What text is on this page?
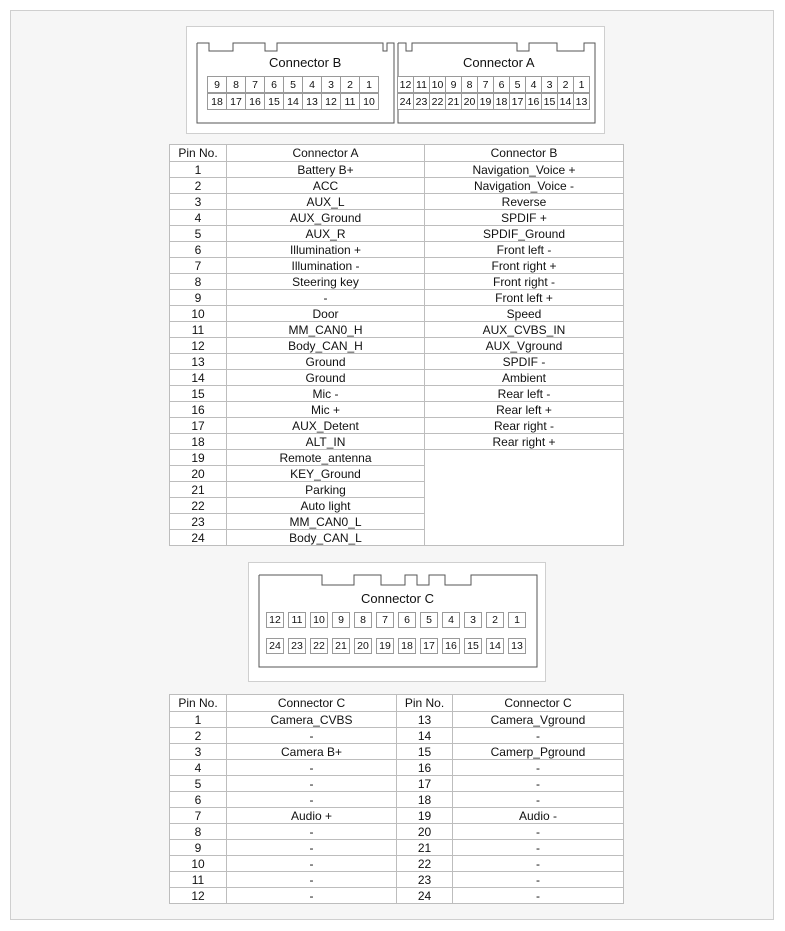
Connector B	Connector A
9	8	7	6	5	4	3	2	1
18 17 16 15 14 13 12 11 10
12 11 10 9 8 7 6 5 4 3 2 1
24 23 22 21 20 19 18 17 16 15 14 13
Pin No.	Connector A	Connector B
1	Battery B+	Navigation_Voice +
2	ACC	Navigation_Voice -
3	AUX_L	Reverse
4	AUX_Ground	SPDIF +
5	AUX_R	SPDIF_Ground
6	Illumination +	Front left -
7	Illumination -	Front right +
8	Steering key	Front right -
9	-	Front left +
10	Door	Speed
11	MM_CAN0_H	AUX_CVBS_IN
12	Body_CAN_H	AUX_Vground
13	Ground	SPDIF -
14	Ground	Ambient
15	Mic -	Rear left -
16	Mic +	Rear left +
17	AUX_Detent	Rear right -
18	ALT_IN	Rear right +
19	Remote_antenna	
20	KEY_Ground	
21	Parking	
22	Auto light	
23	MM_CAN0_L	
24	Body_CAN_L	
Connector C
12	11	10	9	8	7	6	5	4	3	2	1
24 23 22 21 20 19 18 17 16 15 14 13
Pin No.	Connector C	Pin No.	Connector C
1	Camera_CVBS	13	Camera_Vground
2	-	14	-
3	Camera B+	15	Camerp_Pground
4	-	16	-
5	-	17	-
6	-	18	-
7	Audio +	19	Audio -
8	-	20	-
9	-	21	-
10	-	22	-
11	-	23	-
12	-	24	-
